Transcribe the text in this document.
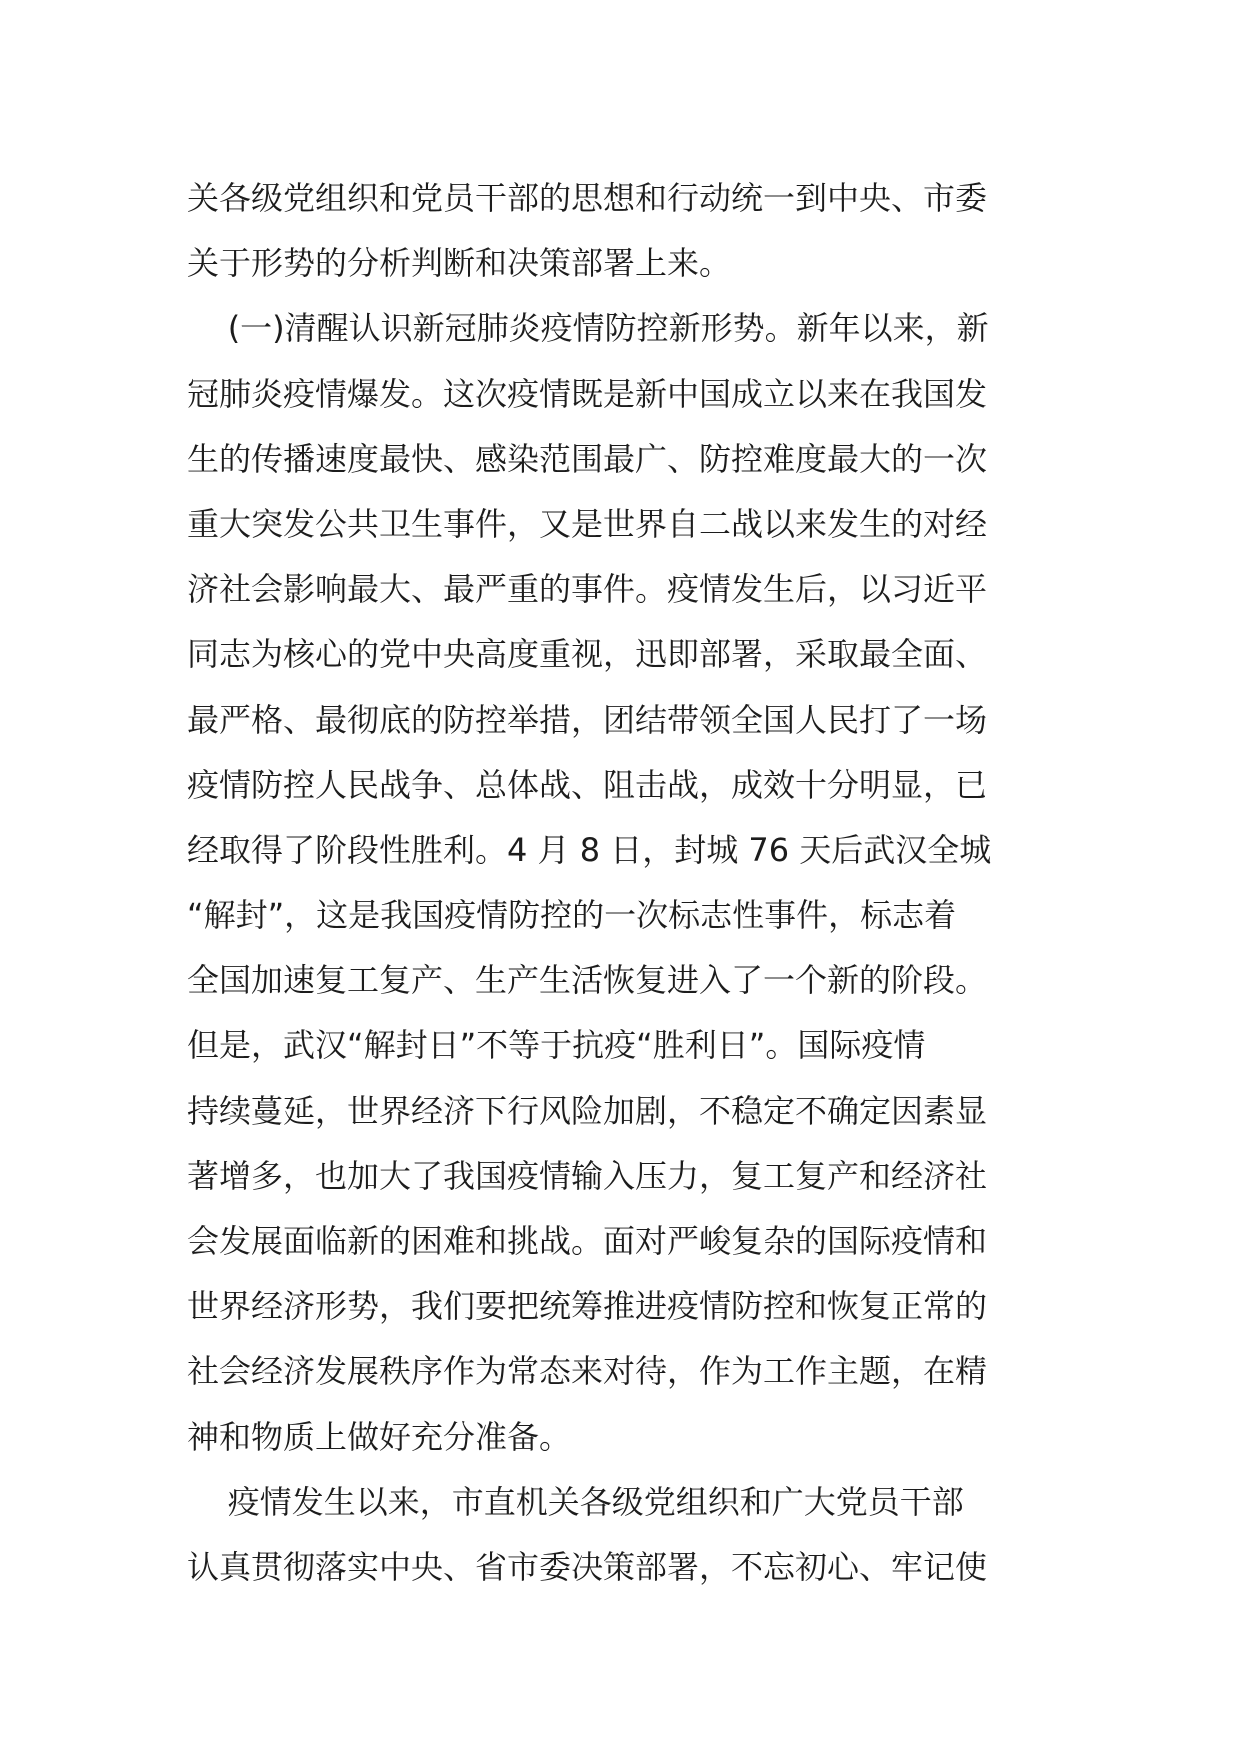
关各级党组织和党员干部的思想和行动统一到中央、市委
关于形势的分析判断和决策部署上来。
(一)清醒认识新冠肺炎疫情防控新形势。新年以来，新
冠肺炎疫情爆发。这次疫情既是新中国成立以来在我国发
生的传播速度最快、感染范围最广、防控难度最大的一次
重大突发公共卫生事件，又是世界自二战以来发生的对经
济社会影响最大、最严重的事件。疫情发生后，以习近平
同志为核心的党中央高度重视，迅即部署，采取最全面、
最严格、最彻底的防控举措，团结带领全国人民打了一场
疫情防控人民战争、总体战、阻击战，成效十分明显，已
经取得了阶段性胜利。4 月 8 日，封城 76 天后武汉全城
“解封”，这是我国疫情防控的一次标志性事件，标志着
全国加速复工复产、生产生活恢复进入了一个新的阶段。
但是，武汉“解封日”不等于抗疫“胜利日”。国际疫情
持续蔓延，世界经济下行风险加剧，不稳定不确定因素显
著增多，也加大了我国疫情输入压力，复工复产和经济社
会发展面临新的困难和挑战。面对严峻复杂的国际疫情和
世界经济形势，我们要把统筹推进疫情防控和恢复正常的
社会经济发展秩序作为常态来对待，作为工作主题，在精
神和物质上做好充分准备。
疫情发生以来，市直机关各级党组织和广大党员干部
认真贯彻落实中央、省市委决策部署，不忘初心、牢记使
